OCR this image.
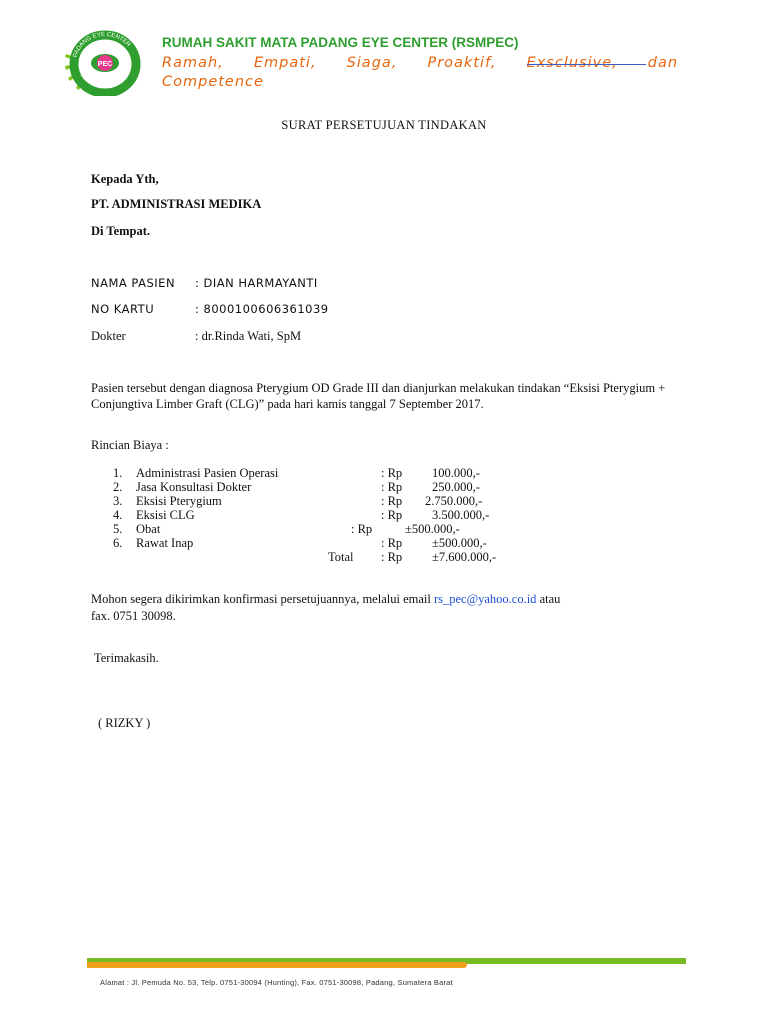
PADANG EYE CENTER
PEC
MELAYANI DENGAN HATI
RUMAH SAKIT MATA PADANG EYE CENTER (RSMPEC)
Ramah, Empati, Siaga, Proaktif, Exsclusive, dan
Competence
SURAT PERSETUJUAN TINDAKAN
Kepada Yth,
PT. ADMINISTRASI MEDIKA
Di Tempat.
NAMA PASIEN : DIAN HARMAYANTI
NO KARTU	: 8000100606361039
Dokter	: dr.Rinda Wati, SpM
Pasien tersebut dengan diagnosa Pterygium OD Grade III dan dianjurkan melakukan tindakan “Eksisi Pterygium + Conjungtiva Limber Graft (CLG)” pada hari kamis tanggal 7 September 2017.
Rincian Biaya :
1. Administrasi Pasien Operasi	: Rp 100.000,-
2. Jasa Konsultasi Dokter	: Rp 250.000,-
3. Eksisi Pterygium	: Rp 2.750.000,-
4. Eksisi CLG	: Rp 3.500.000,-
5. Obat	: Rp	±500.000,-
6. Rawat Inap	: Rp ±500.000,-
Total : Rp ±7.600.000,-
Mohon segera dikirimkan konfirmasi persetujuannya, melalui email rs_pec@yahoo.co.id atau
fax. 0751 30098.
Terimakasih.
( RIZKY )
Alamat : Jl. Pemuda No. 53, Telp. 0751-30094 (Hunting), Fax. 0751-30098, Padang, Sumatera Barat
